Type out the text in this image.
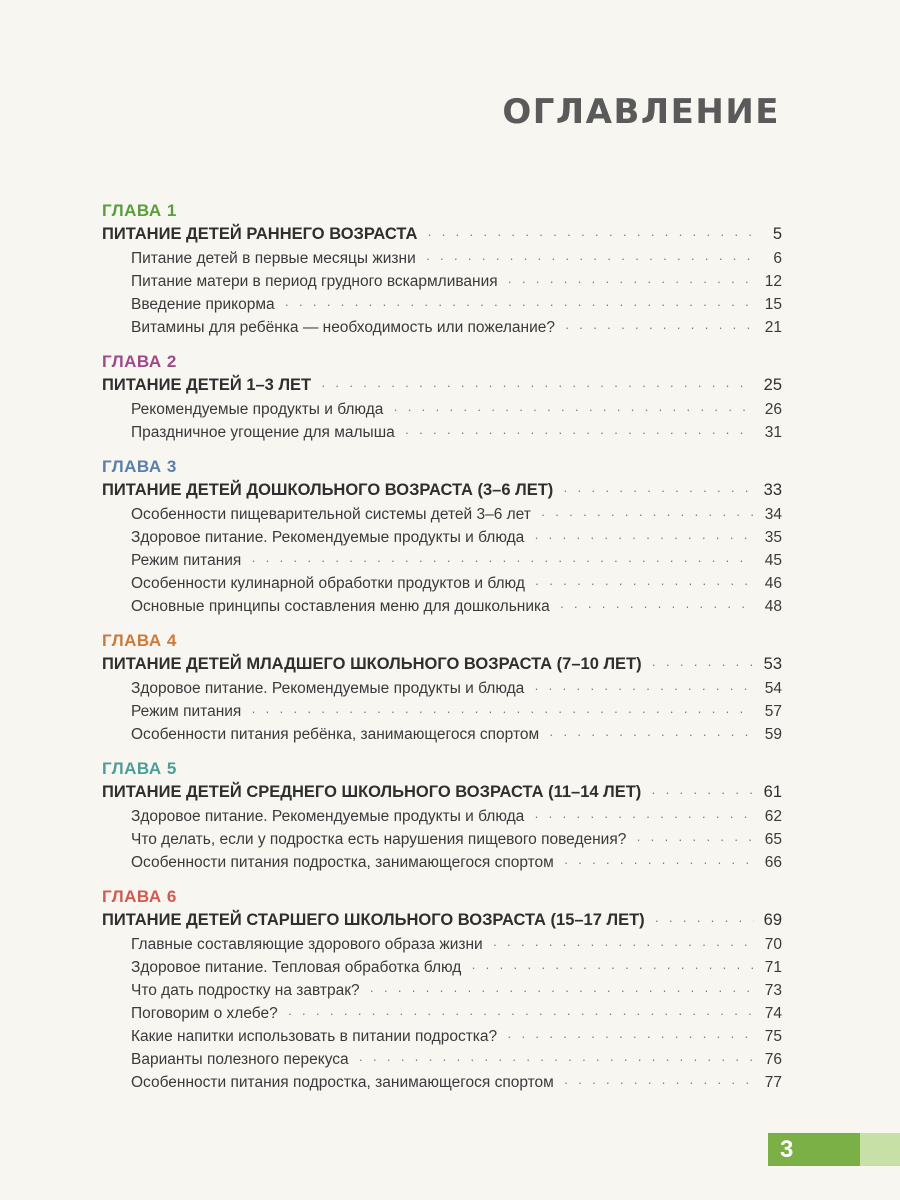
ОГЛАВЛЕНИЕ
ГЛАВА 1
ПИТАНИЕ ДЕТЕЙ РАННЕГО ВОЗРАСТА · · ·	5
Питание детей в первые месяцы жизни · · ·	6
Питание матери в период грудного вскармливания · · ·	12
Введение прикорма · · ·	15
Витамины для ребёнка — необходимость или пожелание? · · ·	21
ГЛАВА 2
ПИТАНИЕ ДЕТЕЙ 1–3 ЛЕТ · · ·	25
Рекомендуемые продукты и блюда · · ·	26
Праздничное угощение для малыша · · ·	31
ГЛАВА 3
ПИТАНИЕ ДЕТЕЙ ДОШКОЛЬНОГО ВОЗРАСТА (3–6 ЛЕТ) · · ·	33
Особенности пищеварительной системы детей 3–6 лет · · ·	34
Здоровое питание. Рекомендуемые продукты и блюда · · ·	35
Режим питания · · ·	45
Особенности кулинарной обработки продуктов и блюд · · ·	46
Основные принципы составления меню для дошкольника · · ·	48
ГЛАВА 4
ПИТАНИЕ ДЕТЕЙ МЛАДШЕГО ШКОЛЬНОГО ВОЗРАСТА (7–10 ЛЕТ) · · ·	53
Здоровое питание. Рекомендуемые продукты и блюда · · ·	54
Режим питания · · ·	57
Особенности питания ребёнка, занимающегося спортом · · ·	59
ГЛАВА 5
ПИТАНИЕ ДЕТЕЙ СРЕДНЕГО ШКОЛЬНОГО ВОЗРАСТА (11–14 ЛЕТ) · · ·	61
Здоровое питание. Рекомендуемые продукты и блюда · · ·	62
Что делать, если у подростка есть нарушения пищевого поведения? · · ·	65
Особенности питания подростка, занимающегося спортом · · ·	66
ГЛАВА 6
ПИТАНИЕ ДЕТЕЙ СТАРШЕГО ШКОЛЬНОГО ВОЗРАСТА (15–17 ЛЕТ) · · ·	69
Главные составляющие здорового образа жизни · · ·	70
Здоровое питание. Тепловая обработка блюд · · ·	71
Что дать подростку на завтрак? · · ·	73
Поговорим о хлебе? · · ·	74
Какие напитки использовать в питании подростка? · · ·	75
Варианты полезного перекуса · · ·	76
Особенности питания подростка, занимающегося спортом · · ·	77
3
